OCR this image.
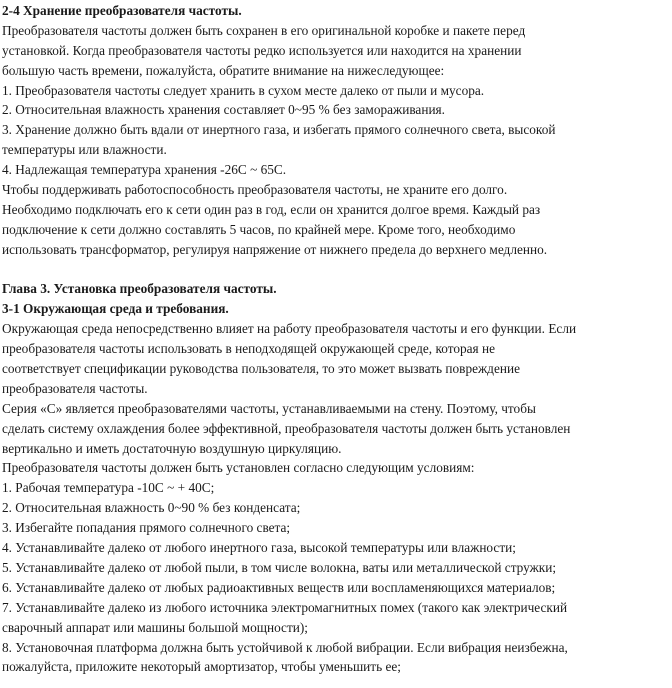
2-4 Хранение преобразователя частоты.
Преобразователя частоты должен быть сохранен в его оригинальной коробке и пакете перед
установкой. Когда преобразователя частоты редко используется или находится на хранении
большую часть времени, пожалуйста, обратите внимание на нижеследующее:
1. Преобразователя частоты следует хранить в сухом месте далеко от пыли и мусора.
2. Относительная влажность хранения составляет 0~95 % без замораживания.
3. Хранение должно быть вдали от инертного газа, и избегать прямого солнечного света, высокой
температуры или влажности.
4. Надлежащая температура хранения -26С ~ 65С.
Чтобы поддерживать работоспособность преобразователя частоты, не храните его долго.
Необходимо подключать его к сети один раз в год, если он хранится долгое время. Каждый раз
подключение к сети должно составлять 5 часов, по крайней мере. Кроме того, необходимо
использовать трансформатор, регулируя напряжение от нижнего предела до верхнего медленно.
Глава 3. Установка преобразователя частоты.
3-1 Окружающая среда и требования.
Окружающая среда непосредственно влияет на работу преобразователя частоты и его функции. Если
преобразователя частоты использовать в неподходящей окружающей среде, которая не
соответствует спецификации руководства пользователя, то это может вызвать повреждение
преобразователя частоты.
Серия «С» является преобразователями частоты, устанавливаемыми на стену. Поэтому, чтобы
сделать систему охлаждения более эффективной, преобразователя частоты должен быть установлен
вертикально и иметь достаточную воздушную циркуляцию.
Преобразователя частоты должен быть установлен согласно следующим условиям:
1. Рабочая температура -10С ~ + 40С;
2. Относительная влажность 0~90 % без конденсата;
3. Избегайте попадания прямого солнечного света;
4. Устанавливайте далеко от любого инертного газа, высокой температуры или влажности;
5. Устанавливайте далеко от любой пыли, в том числе волокна, ваты или металлической стружки;
6. Устанавливайте далеко от любых радиоактивных веществ или воспламеняющихся материалов;
7. Устанавливайте далеко из любого источника электромагнитных помех (такого как электрический
сварочный аппарат или машины большой мощности);
8. Установочная платформа должна быть устойчивой к любой вибрации. Если вибрация неизбежна,
пожалуйста, приложите некоторый амортизатор, чтобы уменьшить ее;
